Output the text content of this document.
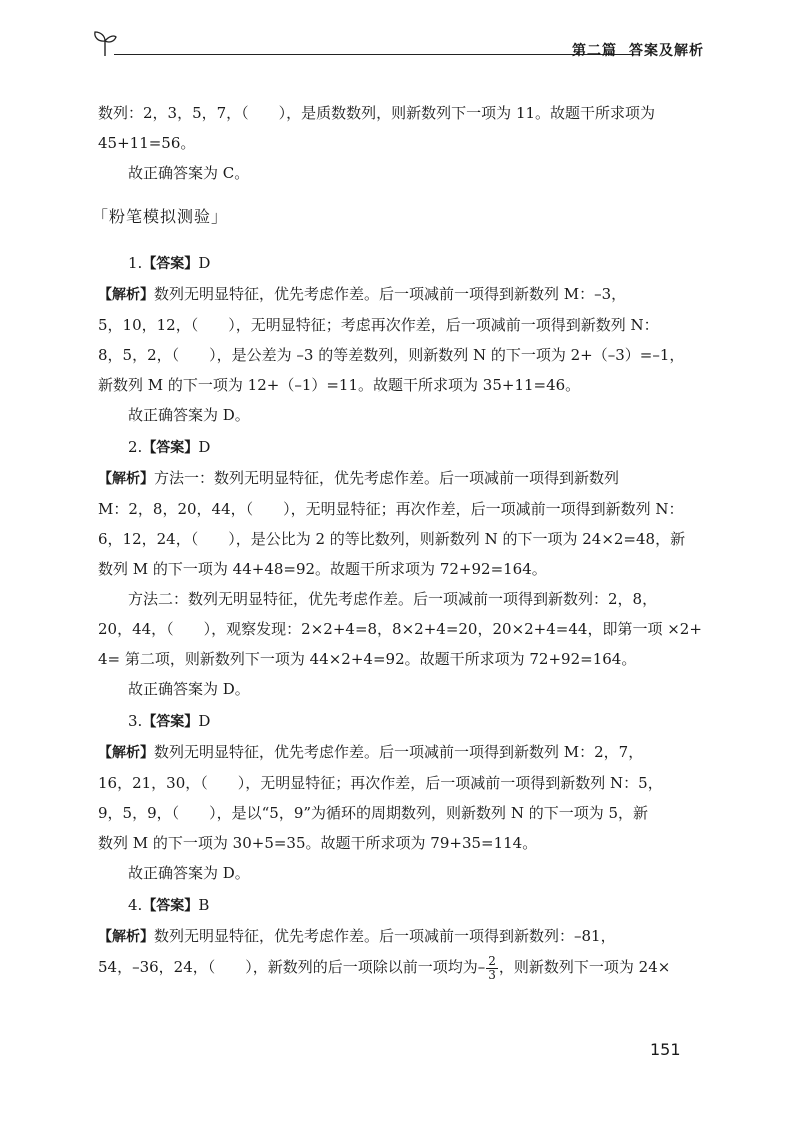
第二篇 答案及解析
数列：2，3，5，7，（　　），是质数数列，则新数列下一项为 11。故题干所求项为
45+11=56。
故正确答案为 C。
「粉笔模拟测验」
1.【答案】D
【解析】数列无明显特征，优先考虑作差。后一项减前一项得到新数列 M：–3，
5，10，12，（　　），无明显特征；考虑再次作差，后一项减前一项得到新数列 N：
8，5，2，（　　），是公差为 –3 的等差数列，则新数列 N 的下一项为 2+（–3）=–1，
新数列 M 的下一项为 12+（–1）=11。故题干所求项为 35+11=46。
故正确答案为 D。
2.【答案】D
【解析】方法一：数列无明显特征，优先考虑作差。后一项减前一项得到新数列
M：2，8，20，44，（　　），无明显特征；再次作差，后一项减前一项得到新数列 N：
6，12，24，（　　），是公比为 2 的等比数列，则新数列 N 的下一项为 24×2=48，新
数列 M 的下一项为 44+48=92。故题干所求项为 72+92=164。
方法二：数列无明显特征，优先考虑作差。后一项减前一项得到新数列：2，8，
20，44，（　　），观察发现：2×2+4=8，8×2+4=20，20×2+4=44，即第一项 ×2+
4= 第二项，则新数列下一项为 44×2+4=92。故题干所求项为 72+92=164。
故正确答案为 D。
3.【答案】D
【解析】数列无明显特征，优先考虑作差。后一项减前一项得到新数列 M：2，7，
16，21，30，（　　），无明显特征；再次作差，后一项减前一项得到新数列 N：5，
9，5，9，（　　），是以“5，9”为循环的周期数列，则新数列 N 的下一项为 5，新
数列 M 的下一项为 30+5=35。故题干所求项为 79+35=114。
故正确答案为 D。
4.【答案】B
【解析】数列无明显特征，优先考虑作差。后一项减前一项得到新数列：–81，
54，–36，24，（　　），新数列的后一项除以前一项均为– $\frac{2}{3}$ ，则新数列下一项为 24×
151
